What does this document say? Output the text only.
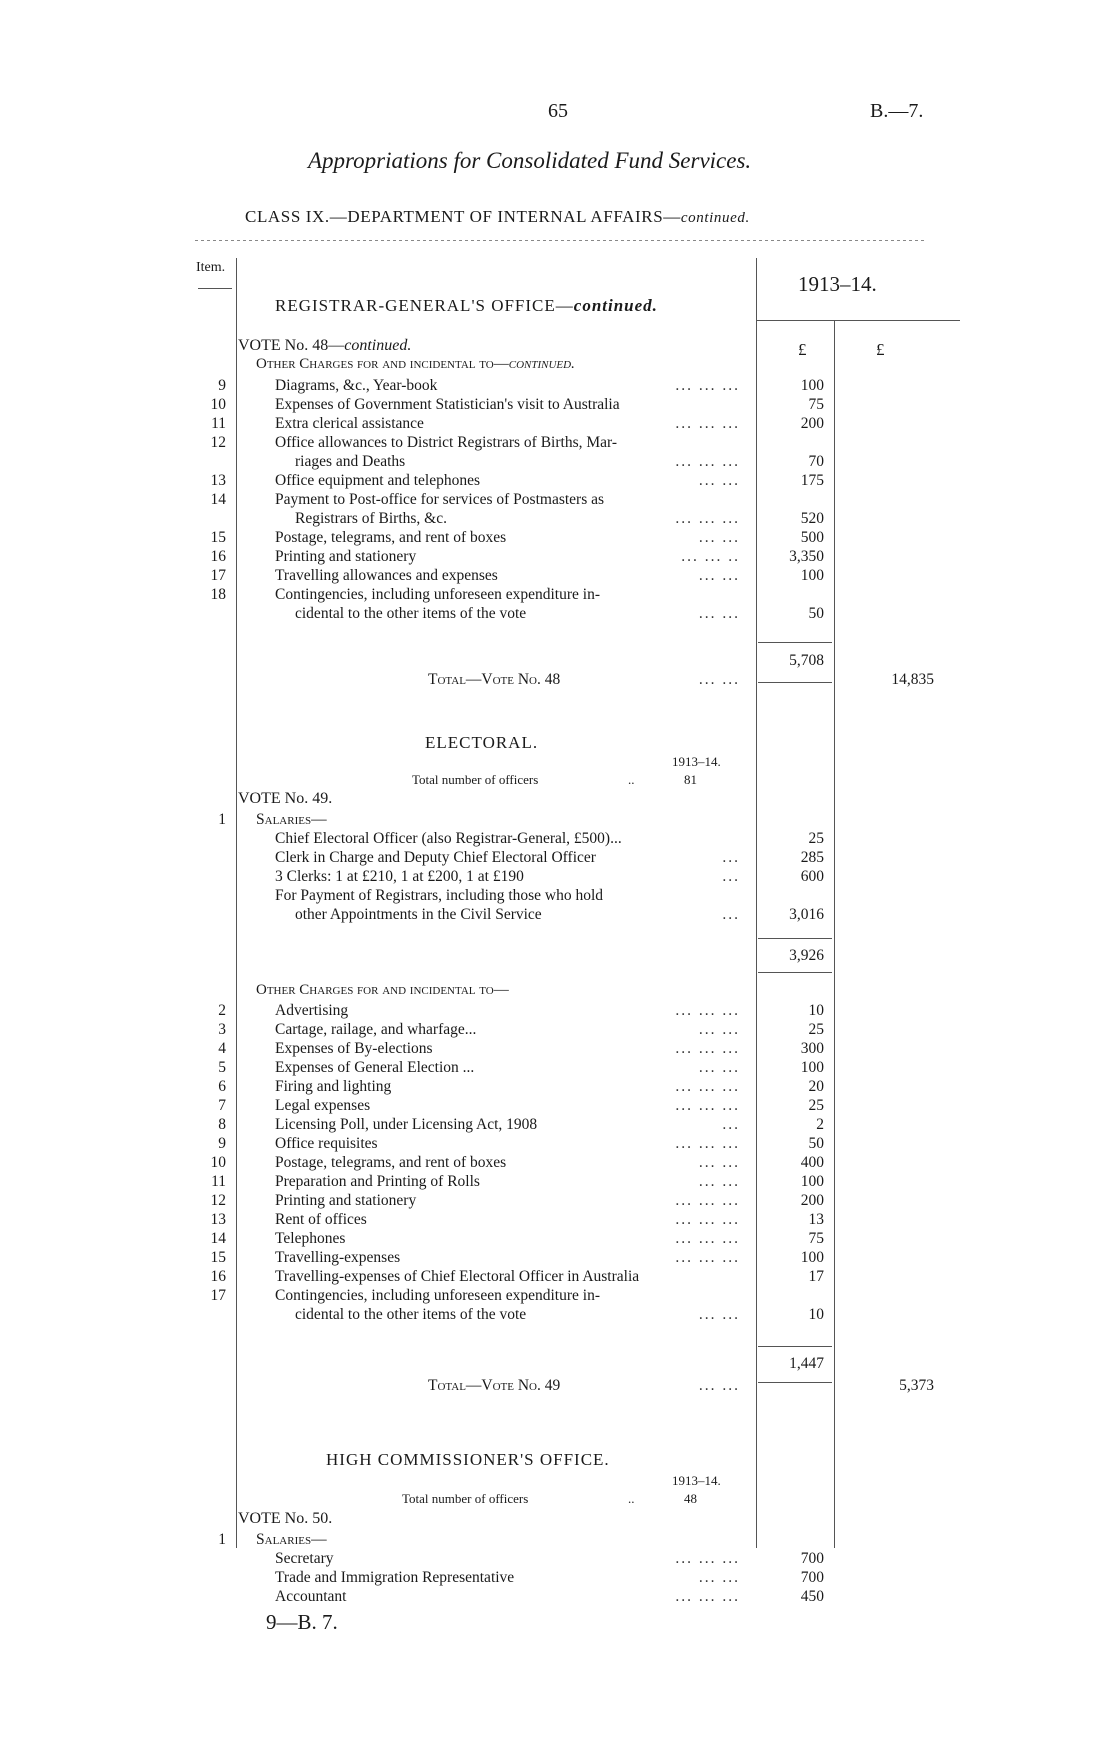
65	B.—7.
Appropriations for Consolidated Fund Services.
CLASS IX.—DEPARTMENT OF INTERNAL AFFAIRS—continued.
Item.
1913–14.
£	£
REGISTRAR-GENERAL'S OFFICE—continued.
VOTE No. 48—continued.
Other Charges for and incidental to—continued.
9	Diagrams, &c., Year-book	... ... ...	100
10	Expenses of Government Statistician's visit to Australia	75
11	Extra clerical assistance	... ... ...	200
12	Office allowances to District Registrars of Births, Mar-
riages and Deaths	... ... ...	70
13	Office equipment and telephones	... ...	175
14	Payment to Post-office for services of Postmasters as
Registrars of Births, &c.	... ... ...	520
15	Postage, telegrams, and rent of boxes	... ...	500
16	Printing and stationery	... ... ..	3,350
17	Travelling allowances and expenses	... ...	100
18	Contingencies, including unforeseen expenditure in-
cidental to the other items of the vote	... ...	50
5,708
Total—Vote No. 48	... ...	14,835
ELECTORAL.
1913–14.
Total number of officers	..	81
VOTE No. 49.
1 Salaries—
Chief Electoral Officer (also Registrar-General, £500)...	25
Clerk in Charge and Deputy Chief Electoral Officer	...	285
3 Clerks: 1 at £210, 1 at £200, 1 at £190	...	600
For Payment of Registrars, including those who hold
other Appointments in the Civil Service	...	3,016
3,926
Other Charges for and incidental to—
2	Advertising	... ... ...	10
3	Cartage, railage, and wharfage...	... ...	25
4	Expenses of By-elections	... ... ...	300
5	Expenses of General Election ...	... ...	100
6	Firing and lighting	... ... ...	20
7	Legal expenses	... ... ...	25
8	Licensing Poll, under Licensing Act, 1908	...	2
9	Office requisites	... ... ...	50
10	Postage, telegrams, and rent of boxes	... ...	400
11	Preparation and Printing of Rolls	... ...	100
12	Printing and stationery	... ... ...	200
13	Rent of offices	... ... ...	13
14	Telephones	... ... ...	75
15	Travelling-expenses	... ... ...	100
16	Travelling-expenses of Chief Electoral Officer in Australia	17
17	Contingencies, including unforeseen expenditure in-
cidental to the other items of the vote	... ...	10
1,447
Total—Vote No. 49	... ...	5,373
HIGH COMMISSIONER'S OFFICE.
1913–14.
Total number of officers	..	48
VOTE No. 50.
1 Salaries—
Secretary	... ... ...	700
Trade and Immigration Representative	... ...	700
Accountant	... ... ...	450
9—B. 7.
